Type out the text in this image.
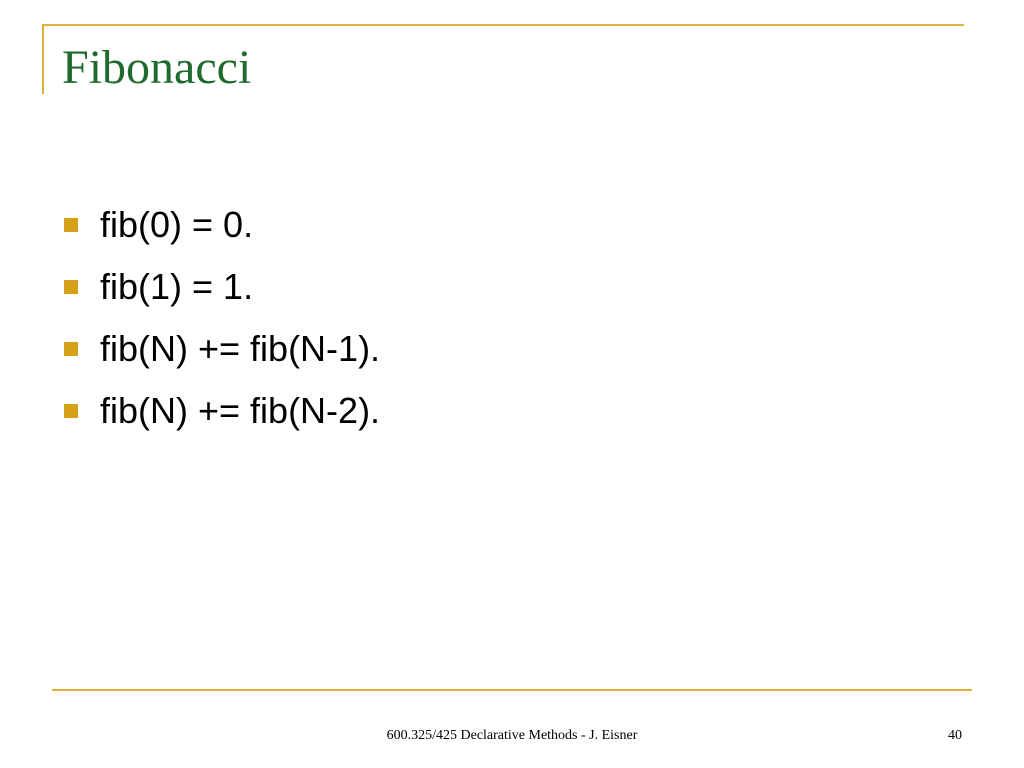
Fibonacci
fib(0) = 0.
fib(1) = 1.
fib(N) += fib(N-1).
fib(N) += fib(N-2).
600.325/425 Declarative Methods - J. Eisner	40
